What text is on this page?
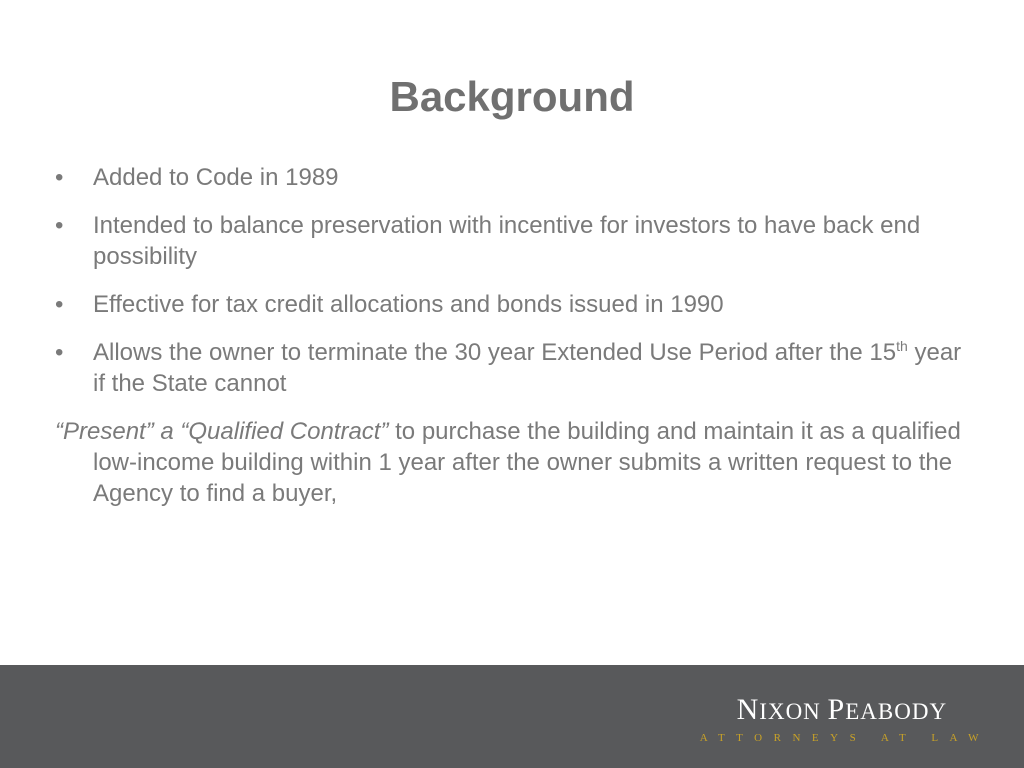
Background
• Added to Code in 1989
• Intended to balance preservation with incentive for investors to have back end possibility
• Effective for tax credit allocations and bonds issued in 1990
• Allows the owner to terminate the 30 year Extended Use Period after the 15th year if the State cannot

“Present” a “Qualified Contract” to purchase the building and maintain it as a qualified low-income building within 1 year after the owner submits a written request to the Agency to find a buyer,

NIXON PEABODY
ATTORNEYS AT LAW
